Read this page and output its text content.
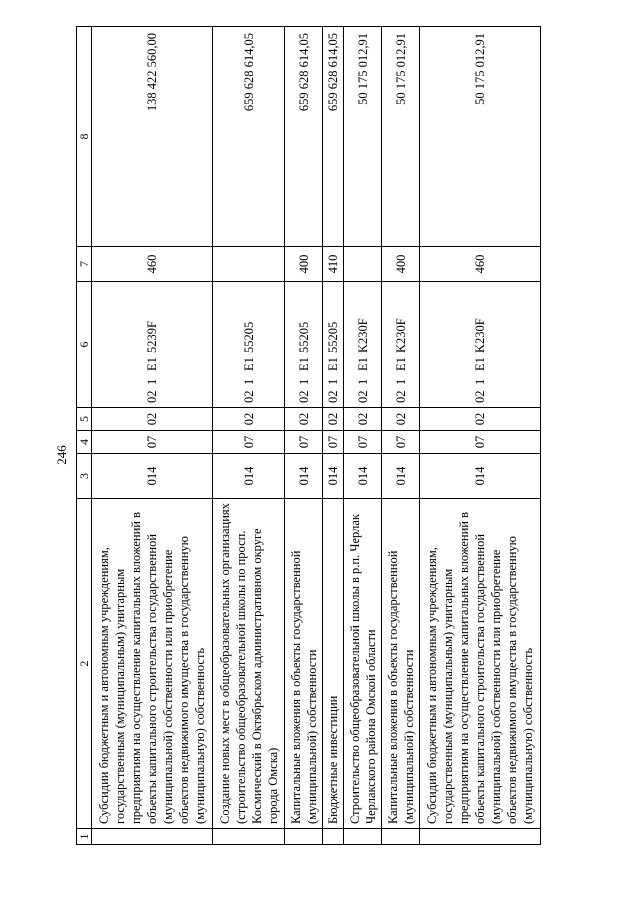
246
1	2	3	4	5	6	7	8
	Субсидии бюджетным и автономным учреждениям, государственным (муниципальным) унитарным предприятиям на осуществление капитальных вложений в объекты капитального строительства государственной (муниципальной) собственности или приобретение объектов недвижимого имущества в государственную (муниципальную) собственность	014	07	02	021E15239F	460	138 422 560,00
	Создание новых мест в общеобразовательных организациях (строительство общеобразовательной школы по просп. Космический в Октябрьском административном округе города Омска)	014	07	02	021E155205		659 628 614,05
	Капитальные вложения в объекты государственной (муниципальной) собственности	014	07	02	021E155205	400	659 628 614,05
	Бюджетные инвестиции	014	07	02	021E155205	410	659 628 614,05
	Строительство общеобразовательной школы в р.п. Черлак Черлакского района Омской области	014	07	02	021E1K230F		50 175 012,91
	Капитальные вложения в объекты государственной (муниципальной) собственности	014	07	02	021E1K230F	400	50 175 012,91
	Субсидии бюджетным и автономным учреждениям, государственным (муниципальным) унитарным предприятиям на осуществление капитальных вложений в объекты капитального строительства государственной (муниципальной) собственности или приобретение объектов недвижимого имущества в государственную (муниципальную) собственность	014	07	02	021E1K230F	460	50 175 012,91
